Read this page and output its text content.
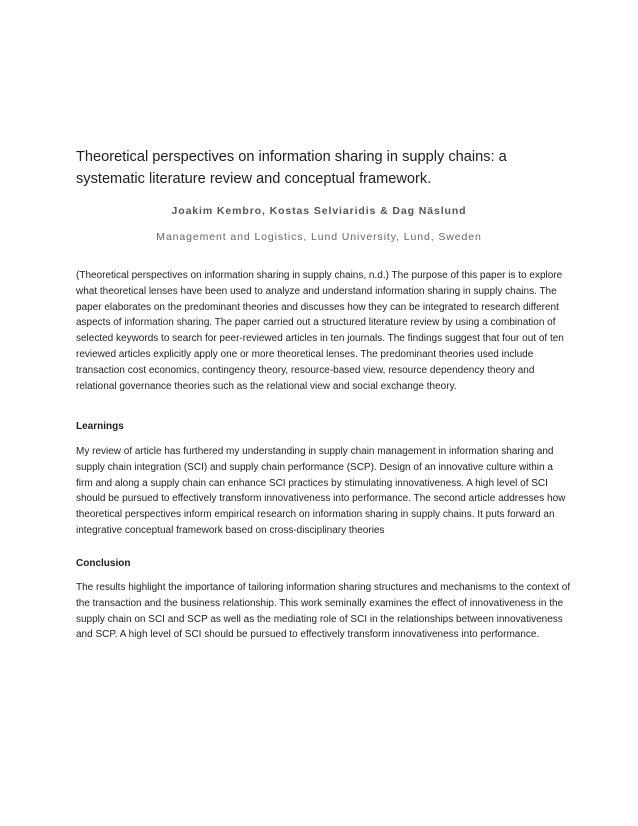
Theoretical perspectives on information sharing in supply chains: a systematic literature review and conceptual framework.

Joakim Kembro, Kostas Selviaridis & Dag Näslund

Management and Logistics, Lund University, Lund, Sweden

(Theoretical perspectives on information sharing in supply chains, n.d.) The purpose of this paper is to explore what theoretical lenses have been used to analyze and understand information sharing in supply chains. The paper elaborates on the predominant theories and discusses how they can be integrated to research different aspects of information sharing. The paper carried out a structured literature review by using a combination of selected keywords to search for peer-reviewed articles in ten journals. The findings suggest that four out of ten reviewed articles explicitly apply one or more theoretical lenses. The predominant theories used include transaction cost economics, contingency theory, resource-based view, resource dependency theory and relational governance theories such as the relational view and social exchange theory.

Learnings

My review of article has furthered my understanding in supply chain management in information sharing and supply chain integration (SCI) and supply chain performance (SCP). Design of an innovative culture within a firm and along a supply chain can enhance SCI practices by stimulating innovativeness. A high level of SCI should be pursued to effectively transform innovativeness into performance. The second article addresses how theoretical perspectives inform empirical research on information sharing in supply chains. It puts forward an integrative conceptual framework based on cross-disciplinary theories

Conclusion

The results highlight the importance of tailoring information sharing structures and mechanisms to the context of the transaction and the business relationship. This work seminally examines the effect of innovativeness in the supply chain on SCI and SCP as well as the mediating role of SCI in the relationships between innovativeness and SCP. A high level of SCI should be pursued to effectively transform innovativeness into performance.
